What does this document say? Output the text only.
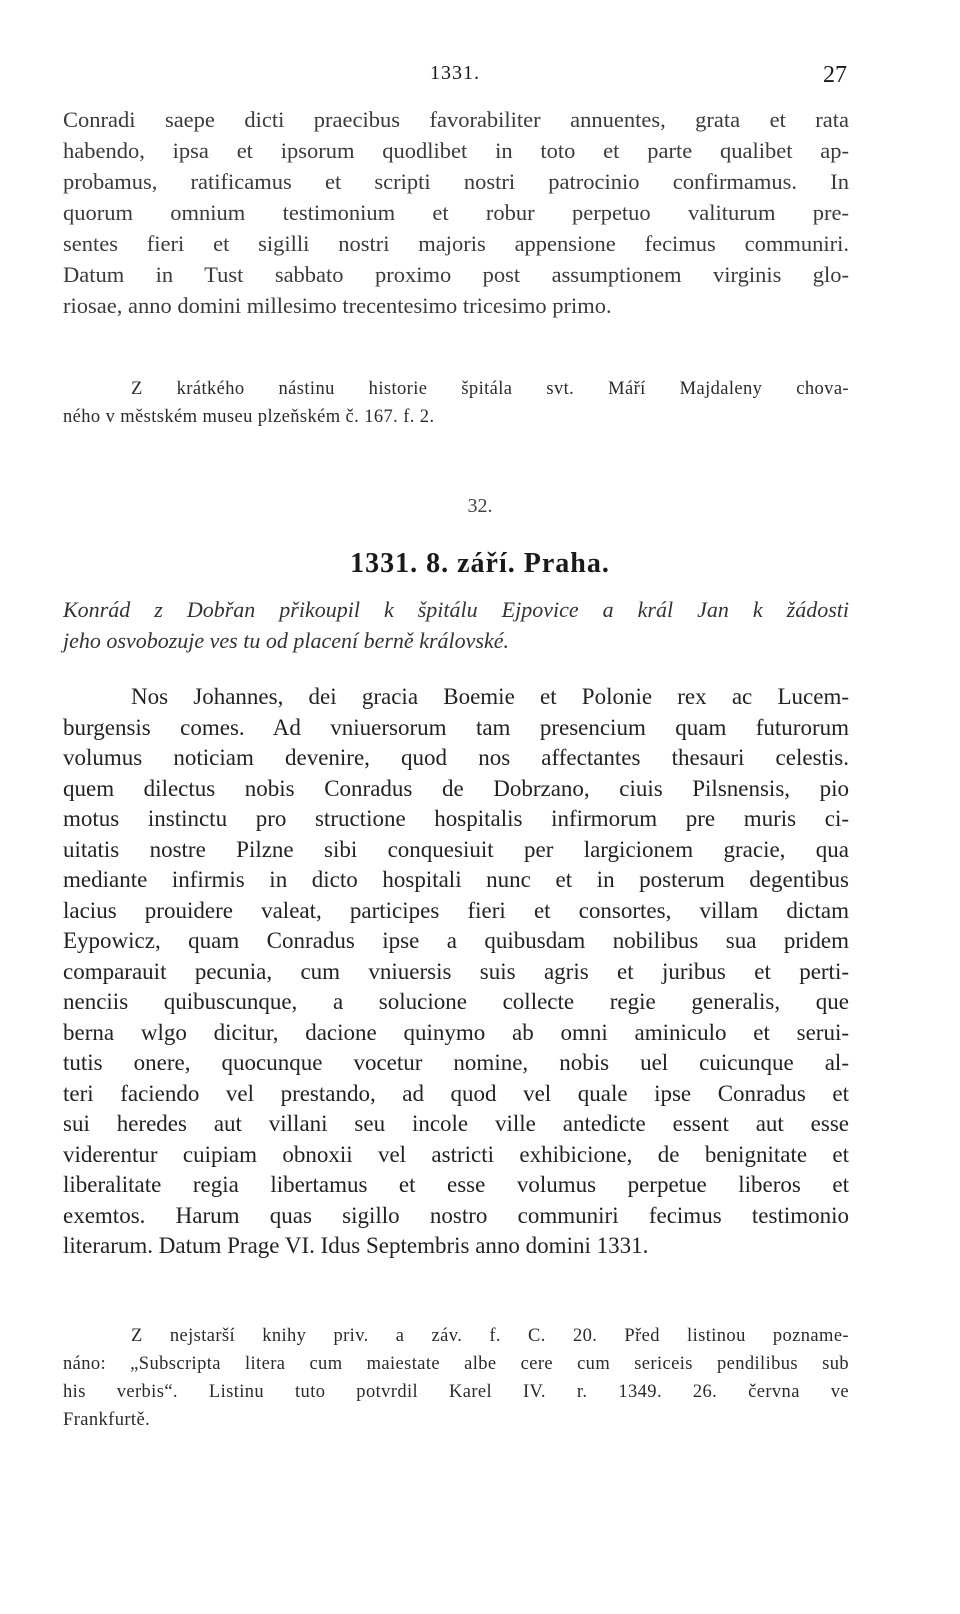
1331.	27
Conradi saepe dicti praecibus favorabiliter annuentes, grata et rata
habendo, ipsa et ipsorum quodlibet in toto et parte qualibet ap-
probamus, ratificamus et scripti nostri patrocinio confirmamus. In
quorum omnium testimonium et robur perpetuo valiturum pre-
sentes fieri et sigilli nostri majoris appensione fecimus communiri.
Datum in Tust sabbato proximo post assumptionem virginis glo-
riosae, anno domini millesimo trecentesimo tricesimo primo.
Z krátkého nástinu historie špitála svt. Máří Majdaleny chova-
ného v městském museu plzeňském č. 167. f. 2.
32.
1331. 8. září. Praha.
Konrád z Dobřan přikoupil k špitálu Ejpovice a král Jan k žádosti
jeho osvobozuje ves tu od placení berně královské.
Nos Johannes, dei gracia Boemie et Polonie rex ac Lucem-
burgensis comes. Ad vniuersorum tam presencium quam futurorum
volumus noticiam devenire, quod nos affectantes thesauri celestis.
quem dilectus nobis Conradus de Dobrzano, ciuis Pilsnensis, pio
motus instinctu pro structione hospitalis infirmorum pre muris ci-
uitatis nostre Pilzne sibi conquesiuit per largicionem gracie, qua
mediante infirmis in dicto hospitali nunc et in posterum degentibus
lacius prouidere valeat, participes fieri et consortes, villam dictam
Eypowicz, quam Conradus ipse a quibusdam nobilibus sua pridem
comparauit pecunia, cum vniuersis suis agris et juribus et perti-
nenciis quibuscunque, a solucione collecte regie generalis, que
berna wlgo dicitur, dacione quinymo ab omni aminiculo et serui-
tutis onere, quocunque vocetur nomine, nobis uel cuicunque al-
teri faciendo vel prestando, ad quod vel quale ipse Conradus et
sui heredes aut villani seu incole ville antedicte essent aut esse
viderentur cuipiam obnoxii vel astricti exhibicione, de benignitate et
liberalitate regia libertamus et esse volumus perpetue liberos et
exemtos. Harum quas sigillo nostro communiri fecimus testimonio
literarum. Datum Prage VI. Idus Septembris anno domini 1331.
Z nejstarší knihy priv. a záv. f. C. 20. Před listinou pozname-
náno: „Subscripta litera cum maiestate albe cere cum sericeis pendilibus sub
his verbis“. Listinu tuto potvrdil Karel IV. r. 1349. 26. června ve
Frankfurtě.
